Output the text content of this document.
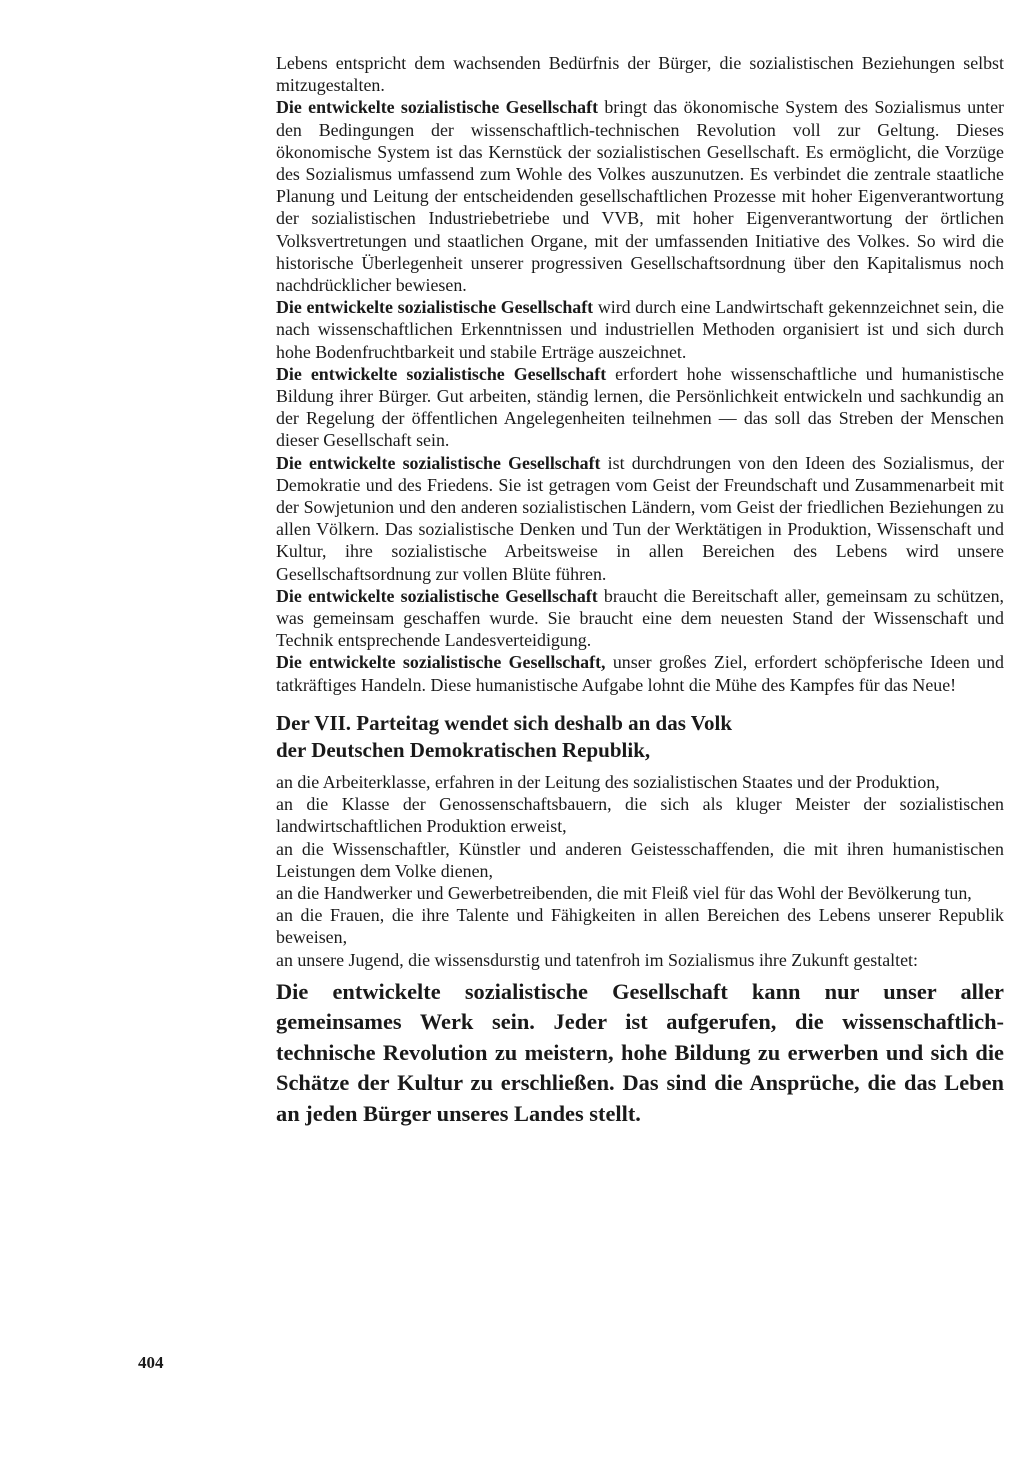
Lebens entspricht dem wachsenden Bedürfnis der Bürger, die sozialistischen Beziehungen selbst mitzugestalten.

Die entwickelte sozialistische Gesellschaft bringt das ökonomische System des Sozialismus unter den Bedingungen der wissenschaftlich-technischen Revolution voll zur Geltung. Dieses ökonomische System ist das Kernstück der sozialistischen Gesellschaft. Es ermöglicht, die Vorzüge des Sozialismus umfassend zum Wohle des Volkes auszunutzen. Es verbindet die zentrale staatliche Planung und Leitung der entscheidenden gesellschaftlichen Prozesse mit hoher Eigenverantwortung der sozialistischen Industriebetriebe und VVB, mit hoher Eigenverantwortung der örtlichen Volksvertretungen und staatlichen Organe, mit der umfassenden Initiative des Volkes. So wird die historische Überlegenheit unserer progressiven Gesellschaftsordnung über den Kapitalismus noch nachdrücklicher bewiesen.

Die entwickelte sozialistische Gesellschaft wird durch eine Landwirtschaft gekennzeichnet sein, die nach wissenschaftlichen Erkenntnissen und industriellen Methoden organisiert ist und sich durch hohe Bodenfruchtbarkeit und stabile Erträge auszeichnet.

Die entwickelte sozialistische Gesellschaft erfordert hohe wissenschaftliche und humanistische Bildung ihrer Bürger. Gut arbeiten, ständig lernen, die Persönlichkeit entwickeln und sachkundig an der Regelung der öffentlichen Angelegenheiten teilnehmen — das soll das Streben der Menschen dieser Gesellschaft sein.

Die entwickelte sozialistische Gesellschaft ist durchdrungen von den Ideen des Sozialismus, der Demokratie und des Friedens. Sie ist getragen vom Geist der Freundschaft und Zusammenarbeit mit der Sowjetunion und den anderen sozialistischen Ländern, vom Geist der friedlichen Beziehungen zu allen Völkern. Das sozialistische Denken und Tun der Werktätigen in Produktion, Wissenschaft und Kultur, ihre sozialistische Arbeitsweise in allen Bereichen des Lebens wird unsere Gesellschaftsordnung zur vollen Blüte führen.

Die entwickelte sozialistische Gesellschaft braucht die Bereitschaft aller, gemeinsam zu schützen, was gemeinsam geschaffen wurde. Sie braucht eine dem neuesten Stand der Wissenschaft und Technik entsprechende Landesverteidigung.

Die entwickelte sozialistische Gesellschaft, unser großes Ziel, erfordert schöpferische Ideen und tatkräftiges Handeln. Diese humanistische Aufgabe lohnt die Mühe des Kampfes für das Neue!

Der VII. Parteitag wendet sich deshalb an das Volk
der Deutschen Demokratischen Republik,

an die Arbeiterklasse, erfahren in der Leitung des sozialistischen Staates und der Produktion,

an die Klasse der Genossenschaftsbauern, die sich als kluger Meister der sozialistischen landwirtschaftlichen Produktion erweist,

an die Wissenschaftler, Künstler und anderen Geistesschaffenden, die mit ihren humanistischen Leistungen dem Volke dienen,

an die Handwerker und Gewerbetreibenden, die mit Fleiß viel für das Wohl der Bevölkerung tun,

an die Frauen, die ihre Talente und Fähigkeiten in allen Bereichen des Lebens unserer Republik beweisen,

an unsere Jugend, die wissensdurstig und tatenfroh im Sozialismus ihre Zukunft gestaltet:

Die entwickelte sozialistische Gesellschaft kann nur unser aller gemeinsames Werk sein. Jeder ist aufgerufen, die wissenschaftlich-technische Revolution zu meistern, hohe Bildung zu erwerben und sich die Schätze der Kultur zu erschließen. Das sind die Ansprüche, die das Leben an jeden Bürger unseres Landes stellt.

404
